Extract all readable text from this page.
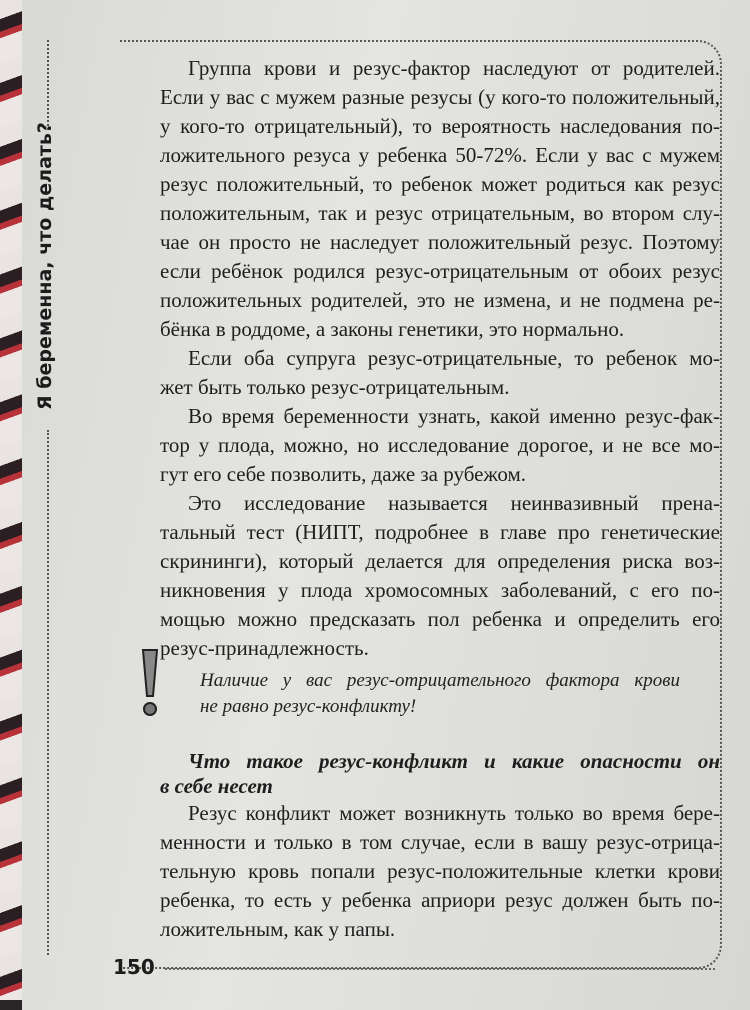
Я беременна, что делать?
Группа крови и резус-фактор наследуют от родителей.
Если у вас с мужем разные резусы (у кого-то положительный,
у кого-то отрицательный), то вероятность наследования по-
ложительного резуса у ребенка 50-72%. Если у вас с мужем
резус положительный, то ребенок может родиться как резус
положительным, так и резус отрицательным, во втором слу-
чае он просто не наследует положительный резус. Поэтому
если ребёнок родился резус-отрицательным от обоих резус
положительных родителей, это не измена, и не подмена ре-
бёнка в роддоме, а законы генетики, это нормально.
Если оба супруга резус-отрицательные, то ребенок мо-
жет быть только резус-отрицательным.
Во время беременности узнать, какой именно резус-фак-
тор у плода, можно, но исследование дорогое, и не все мо-
гут его себе позволить, даже за рубежом.
Это исследование называется неинвазивный прена-
тальный тест (НИПТ, подробнее в главе про генетические
скрининги), который делается для определения риска воз-
никновения у плода хромосомных заболеваний, с его по-
мощью можно предсказать пол ребенка и определить его
резус-принадлежность.
Наличие у вас резус-отрицательного фактора крови
не равно резус-конфликту!
Что такое резус-конфликт и какие опасности он
в себе несет
Резус конфликт может возникнуть только во время бере-
менности и только в том случае, если в вашу резус-отрица-
тельную кровь попали резус-положительные клетки крови
ребенка, то есть у ребенка априори резус должен быть по-
ложительным, как у папы.
150
